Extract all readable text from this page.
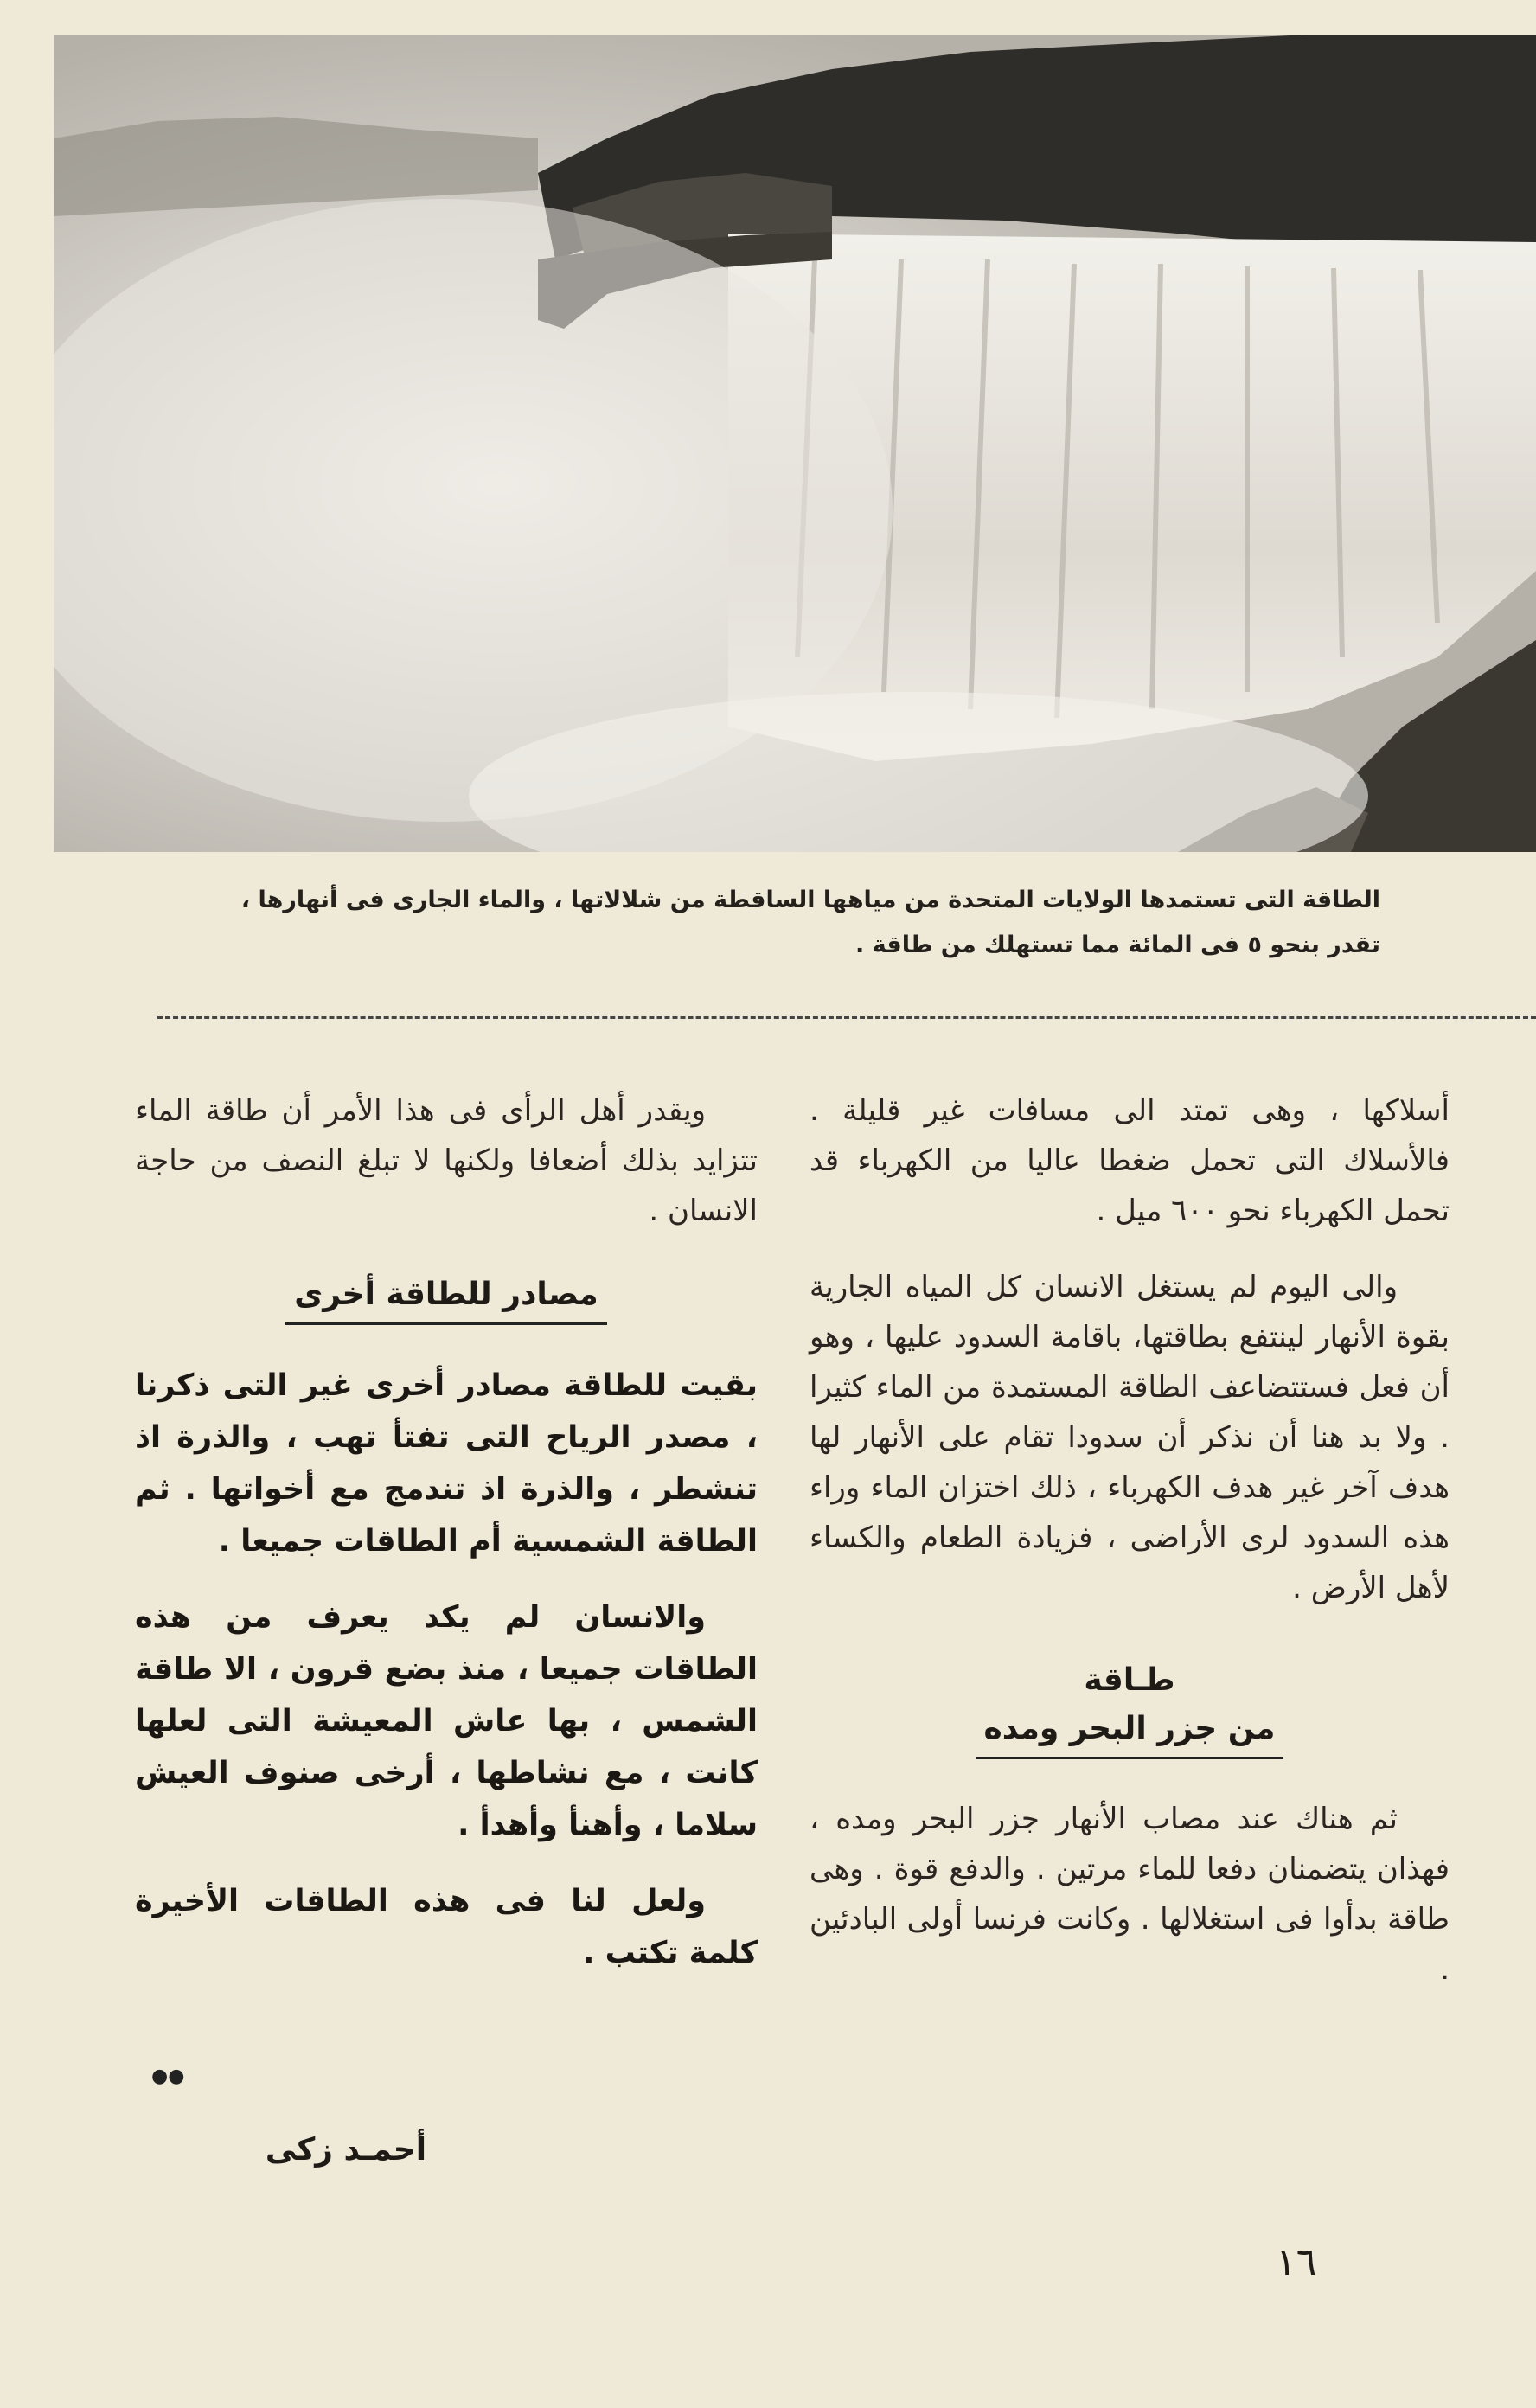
الطاقة التى تستمدها الولايات المتحدة من مياهها الساقطة من شلالاتها ، والماء الجارى فى أنهارها ،
تقدر بنحو ٥ فى المائة مما تستهلك من طاقة .

أسلاكها ، وهى تمتد الى مسافات غير قليلة . فالأسلاك التى تحمل ضغطا عاليا من الكهرباء قد تحمل الكهرباء نحو ٦٠٠ ميل .

والى اليوم لم يستغل الانسان كل المياه الجارية بقوة الأنهار لينتفع بطاقتها، باقامة السدود عليها ، وهو أن فعل فستتضاعف الطاقة المستمدة من الماء كثيرا . ولا بد هنا أن نذكر أن سدودا تقام على الأنهار لها هدف آخر غير هدف الكهرباء ، ذلك اختزان الماء وراء هذه السدود لرى الأراضى ، فزيادة الطعام والكساء لأهل الأرض .

طـاقة

من جزر البحر ومده

ثم هناك عند مصاب الأنهار جزر البحر ومده ، فهذان يتضمنان دفعا للماء مرتين . والدفع قوة . وهى طاقة بدأوا فى استغلالها . وكانت فرنسا أولى البادئين .

ويقدر أهل الرأى فى هذا الأمر أن طاقة الماء تتزايد بذلك أضعافا ولكنها لا تبلغ النصف من حاجة الانسان .

مصادر للطاقة أخرى

بقيت للطاقة مصادر أخرى غير التى ذكرنا ، مصدر الرياح التى تفتأ تهب ، والذرة اذ تنشطر ، والذرة اذ تندمج مع أخواتها . ثم الطاقة الشمسية أم الطاقات جميعا .

والانسان لم يكد يعرف من هذه الطاقات جميعا ، منذ بضع قرون ، الا طاقة الشمس ، بها عاش المعيشة التى لعلها كانت ، مع نشاطها ، أرخى صنوف العيش سلاما ، وأهنأ وأهدأ .

ولعل لنا فى هذه الطاقات الأخيرة كلمة تكتب .

●●
أحمـد زكى
١٦
